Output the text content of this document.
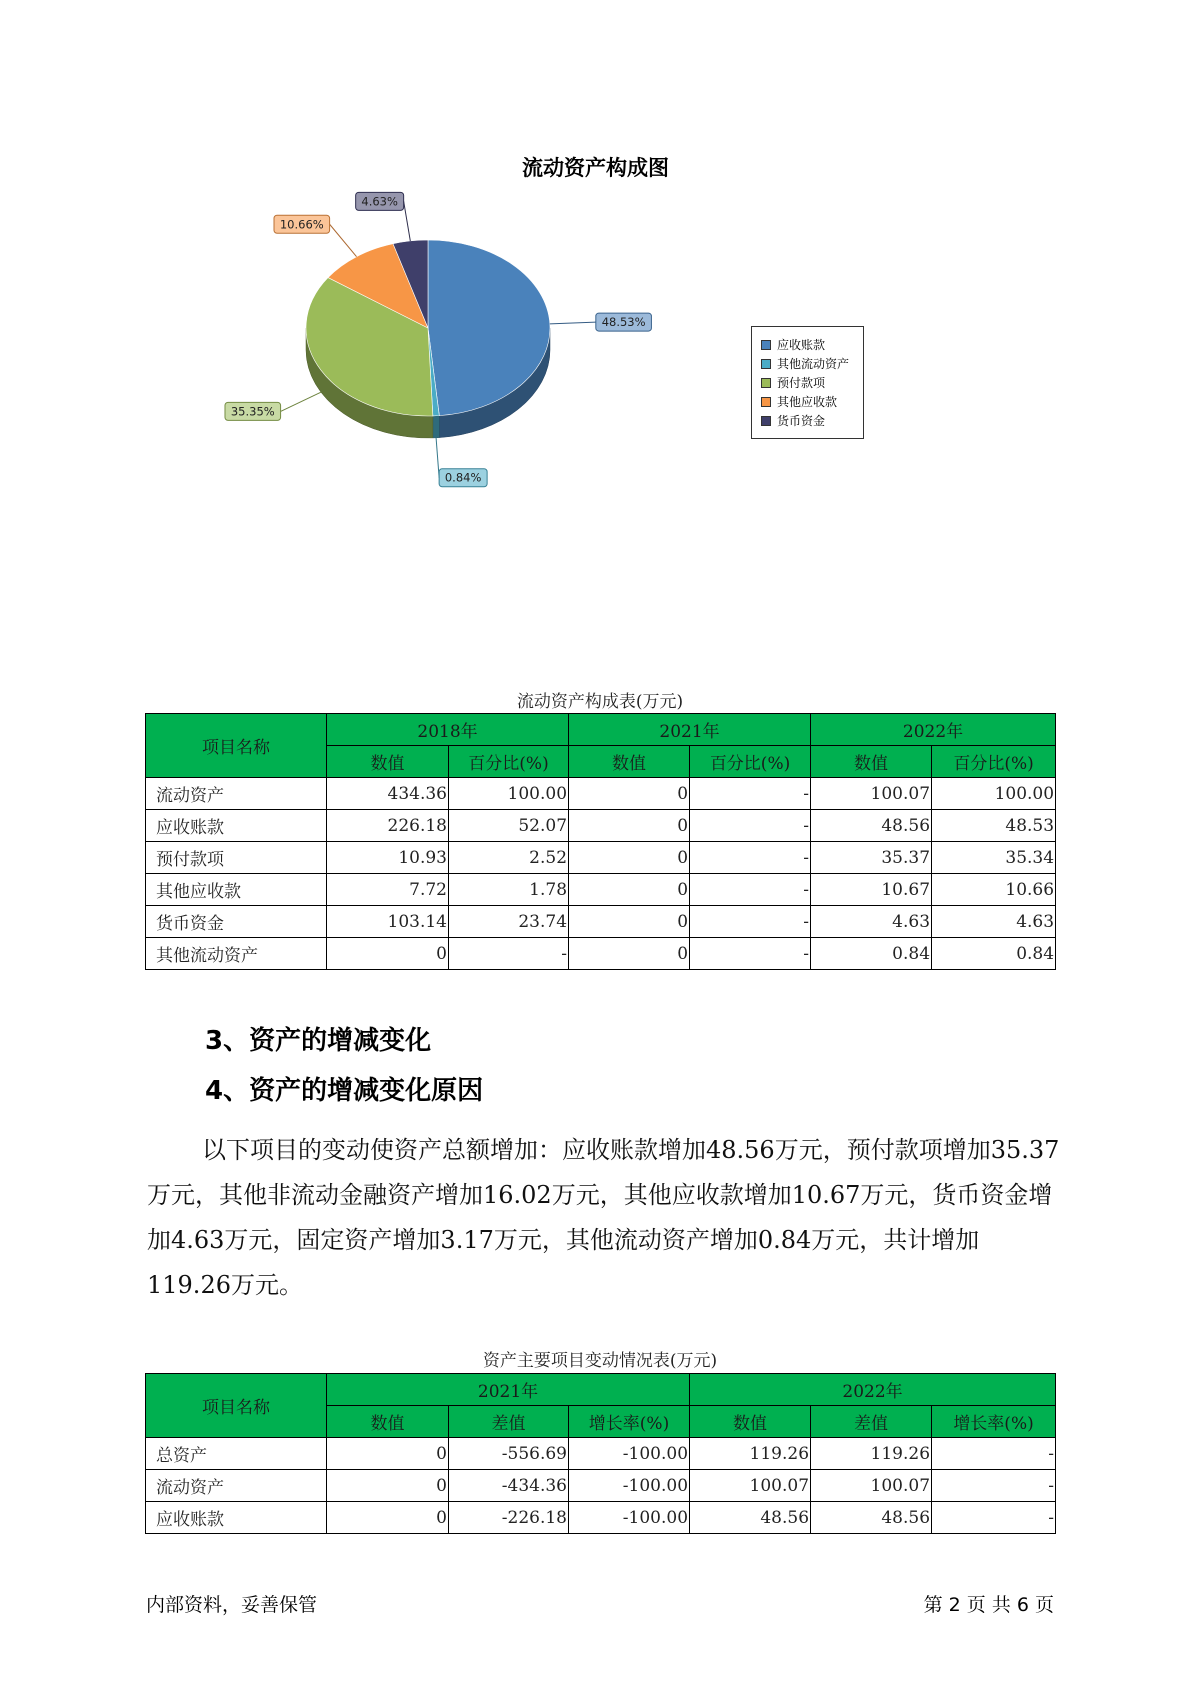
流动资产构成图
48.53%
0.84%
35.35%
10.66%
4.63%
应收账款
其他流动资产
预付款项
其他应收款
货币资金
流动资产构成表(万元)
项目名称	2018年		2021年		2022年	
	数值	百分比(%)	数值	百分比(%)	数值	百分比(%)
流动资产	434.36	100.00	0	-	100.07	100.00
应收账款	226.18	52.07	0	-	48.56	48.53
预付款项	10.93	2.52	0	-	35.37	35.34
其他应收款	7.72	1.78	0	-	10.67	10.66
货币资金	103.14	23.74	0	-	4.63	4.63
其他流动资产	0	-	0	-	0.84	0.84
3、资产的增减变化
4、资产的增减变化原因
以下项目的变动使资产总额增加：应收账款增加48.56万元，预付款项增加35.37万元，其他非流动金融资产增加16.02万元，其他应收款增加10.67万元，货币资金增加4.63万元，固定资产增加3.17万元，其他流动资产增加0.84万元，共计增加119.26万元。
资产主要项目变动情况表(万元)
项目名称	2021年			2022年		
	数值	差值	增长率(%)	数值	差值	增长率(%)
总资产	0	-556.69	-100.00	119.26	119.26	-
流动资产	0	-434.36	-100.00	100.07	100.07	-
应收账款	0	-226.18	-100.00	48.56	48.56	-
内部资料，妥善保管	第 2 页 共 6 页
